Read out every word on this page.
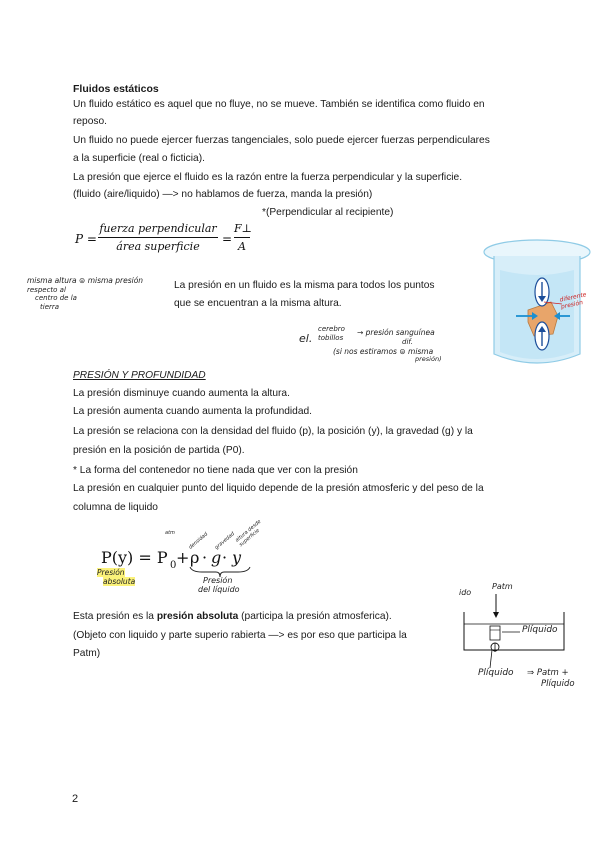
Fluidos estáticos
Un fluido estático es aquel que no fluye, no se mueve. También se identifica como fluido en
reposo.
Un fluido no puede ejercer fuerzas tangenciales, solo puede ejercer fuerzas perpendiculares
a la superficie (real o ficticia).
La presión que ejerce el fluido es la razón entre la fuerza perpendicular y la superficie.
(fluido (aire/liquido) —> no hablamos de fuerza, manda la presión)
*(Perpendicular al recipiente)
P =
fuerza perpendicular
área superficie
=
F⊥
A
misma altura ⊜ misma presión
respecto al
centro de la
tierra
La presión en un fluido es la misma para todos los puntos
que se encuentran a la misma altura.	diferente presión
el.
cerebro
tobillos
→ presión sanguínea
dif.
(si nos estiramos ⊜ misma
presión)
PRESIÓN Y PROFUNDIDAD
La presión disminuye cuando aumenta la altura.
La presión aumenta cuando aumenta la profundidad.
La presión se relaciona con la densidad del fluido (p), la posición (y), la gravedad (g) y la
presión en la posición de partida (P0).
* La forma del contenedor no tiene nada que ver con la presión
La presión en cualquier punto del liquido depende de la presión atmosferic y del peso de la
columna de liquido
P(y) = P 0 + ρ · g · y
atm	densidad gravedad
altura desde superficie
Presión
absoluta	Presión
del líquido
Esta presión es la presión absoluta (participa la presión atmosferica).
(Objeto con liquido y parte superio rabierta —> es por eso que participa la
Patm)
ido
Patm
Plíquido
Plíquido ⇒ Patm +
Plíquido
2
